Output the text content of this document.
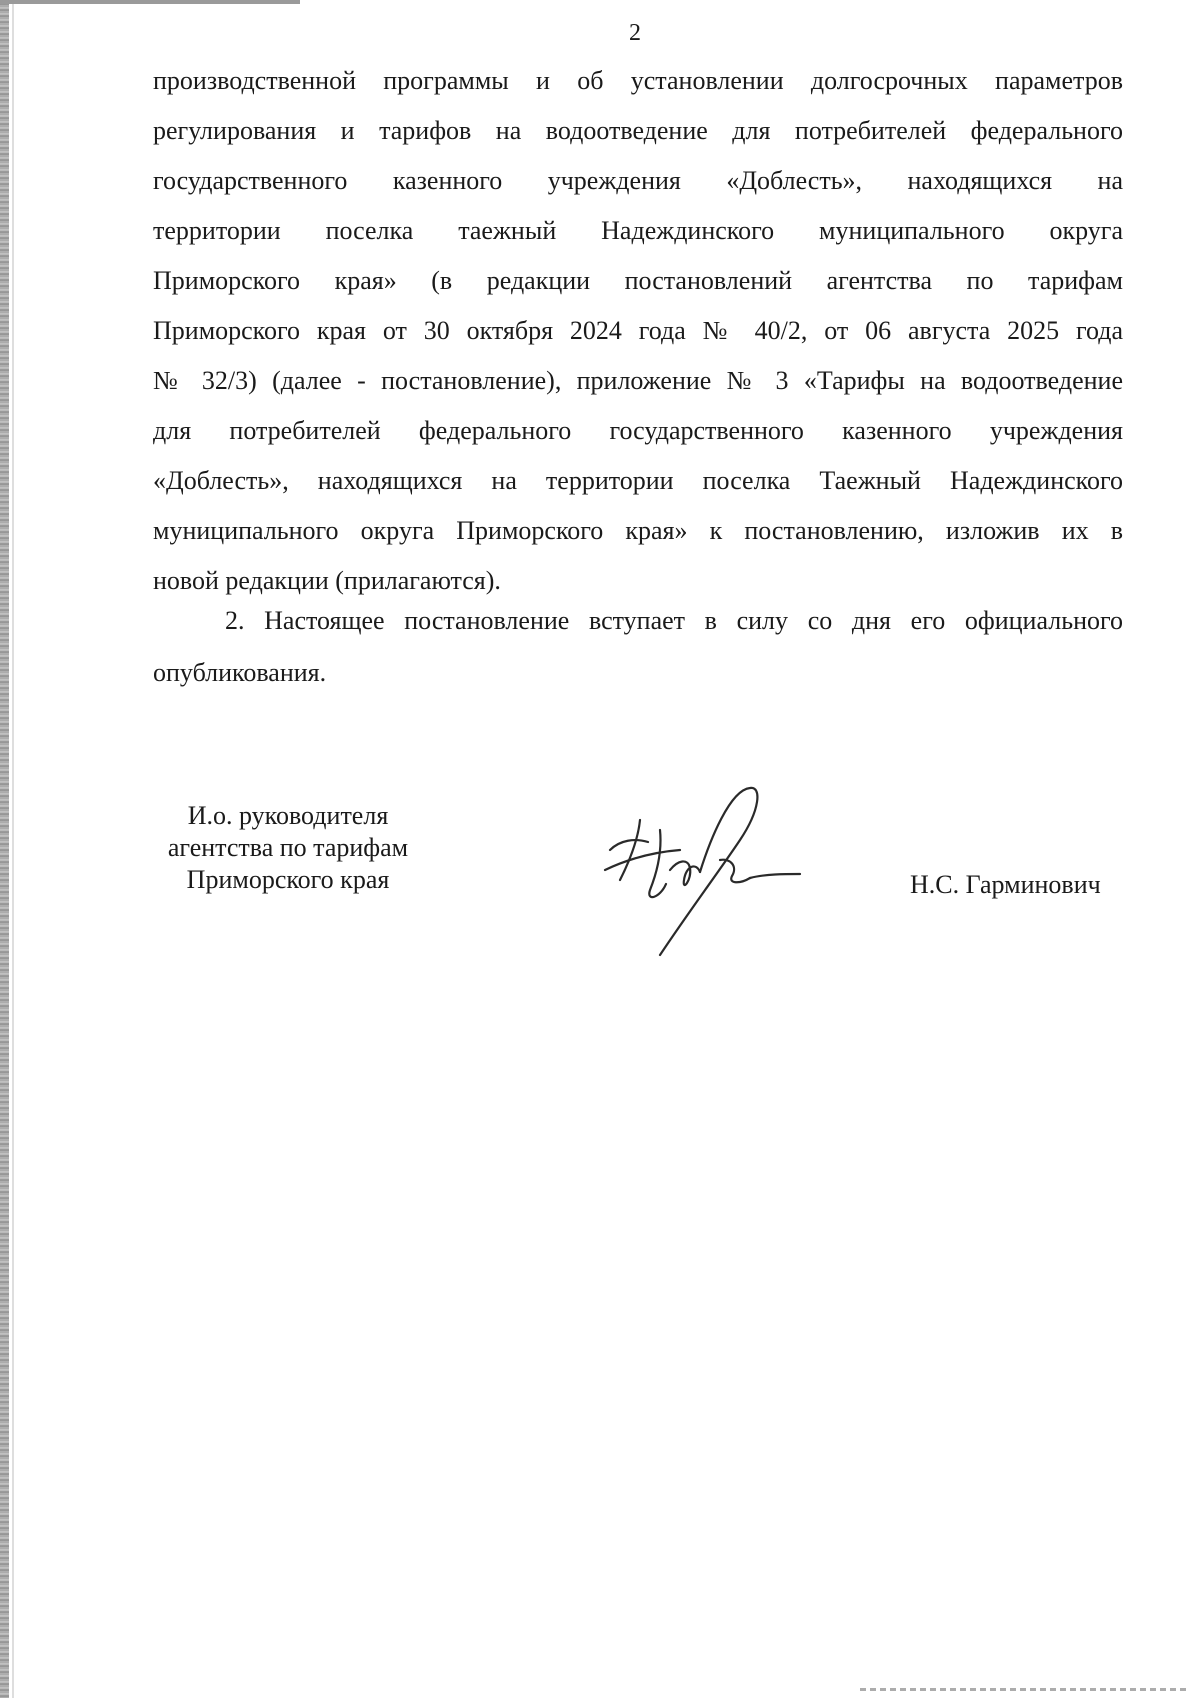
2
производственной программы и об установлении долгосрочных параметров
регулирования и тарифов на водоотведение для потребителей федерального
государственного казенного учреждения «Доблесть», находящихся на
территории поселка таежный Надеждинского муниципального округа
Приморского края» (в редакции постановлений агентства по тарифам
Приморского края от 30 октября 2024 года № 40/2, от 06 августа 2025 года
№ 32/3) (далее - постановление), приложение № 3 «Тарифы на водоотведение
для потребителей федерального государственного казенного учреждения
«Доблесть», находящихся на территории поселка Таежный Надеждинского
муниципального округа Приморского края» к постановлению, изложив их в
новой редакции (прилагаются).
2. Настоящее постановление вступает в силу со дня его официального
опубликования.
И.о. руководителя
агентства по тарифам
Приморского края	Н.С. Гарминович
